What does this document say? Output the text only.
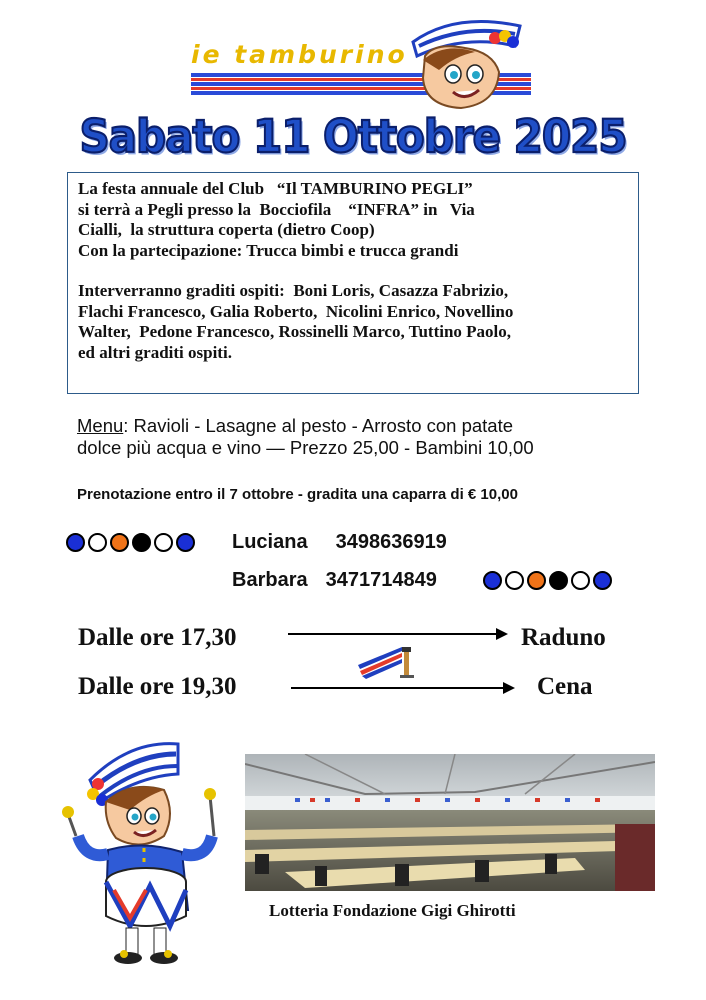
ie tamburino
Sabato 11 Ottobre 2025

La festa annuale del Club   “Il TAMBURINO PEGLI”

si terrà a Pegli presso la  Bocciofila    “INFRA” in   Via

Cialli,  la struttura coperta (dietro Coop)

Con la partecipazione: Trucca bimbi e trucca grandi

Interverranno graditi ospiti:  Boni Loris, Casazza Fabrizio,

Flachi Francesco, Galia Roberto,  Nicolini Enrico, Novellino

Walter,  Pedone Francesco, Rossinelli Marco, Tuttino Paolo,

ed altri graditi ospiti.

Menu: Ravioli - Lasagne al pesto - Arrosto con patate
dolce più acqua e vino — Prezzo 25,00 - Bambini 10,00
Prenotazione entro il 7 ottobre - gradita una caparra di € 10,00
Luciana 3498636919
Barbara 3471714849
Dalle ore 17,30	Raduno
Dalle ore 19,30	Cena
Lotteria Fondazione Gigi Ghirotti
